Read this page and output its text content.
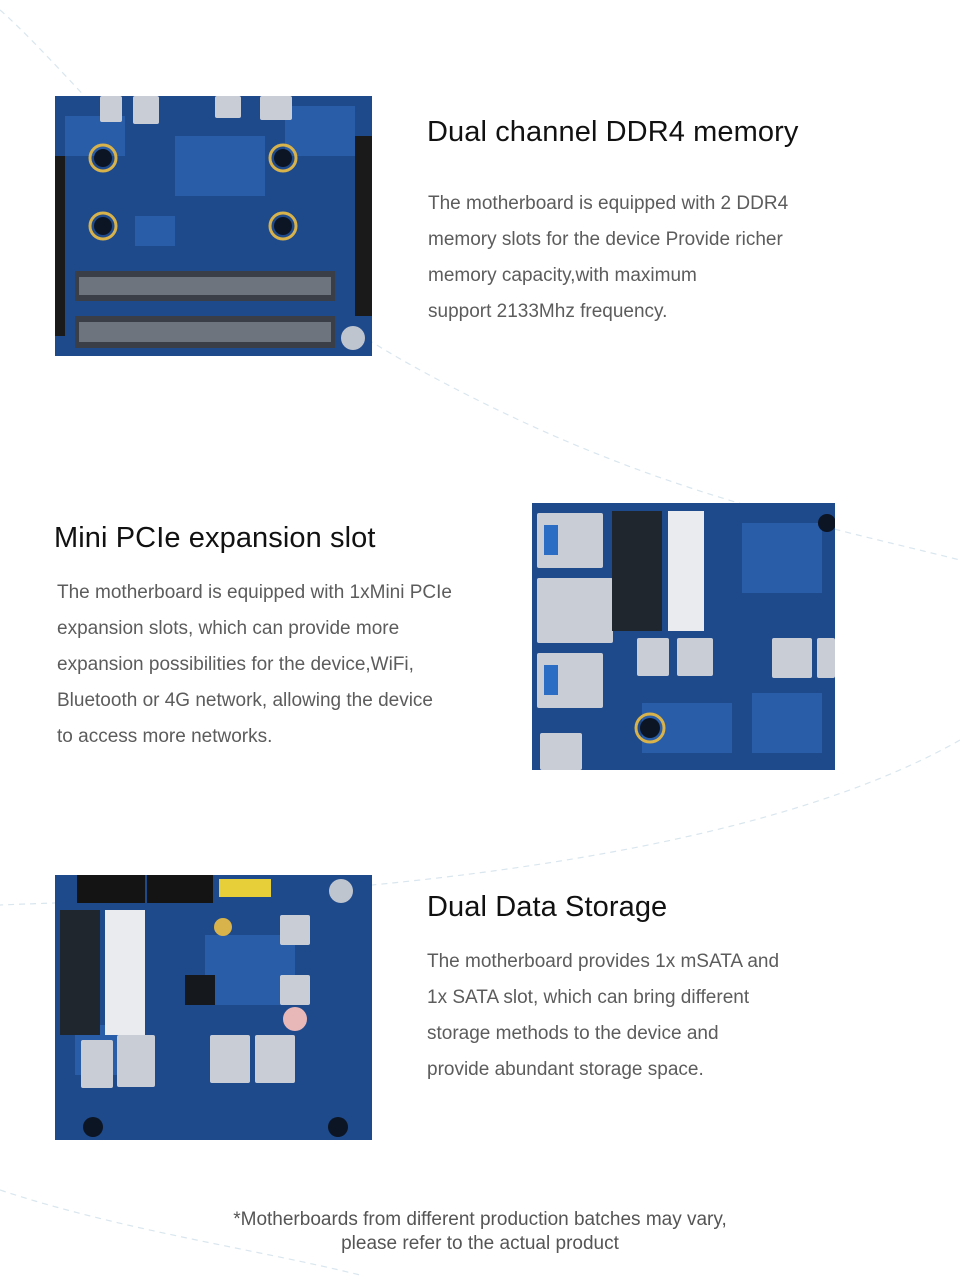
Dual channel DDR4 memory

The motherboard is equipped with 2 DDR4
memory slots for the device Provide richer
memory capacity,with maximum
support 2133Mhz frequency.

Mini PCIe expansion slot

The motherboard is equipped with 1xMini PCIe
expansion slots, which can provide more
expansion possibilities for the device,WiFi,
Bluetooth or 4G network, allowing the device
to access more networks.

Dual Data Storage

The motherboard provides 1x mSATA and
1x SATA slot, which can bring different
storage methods to the device and
provide abundant storage space.

*Motherboards from different production batches may vary,
please refer to the actual product
